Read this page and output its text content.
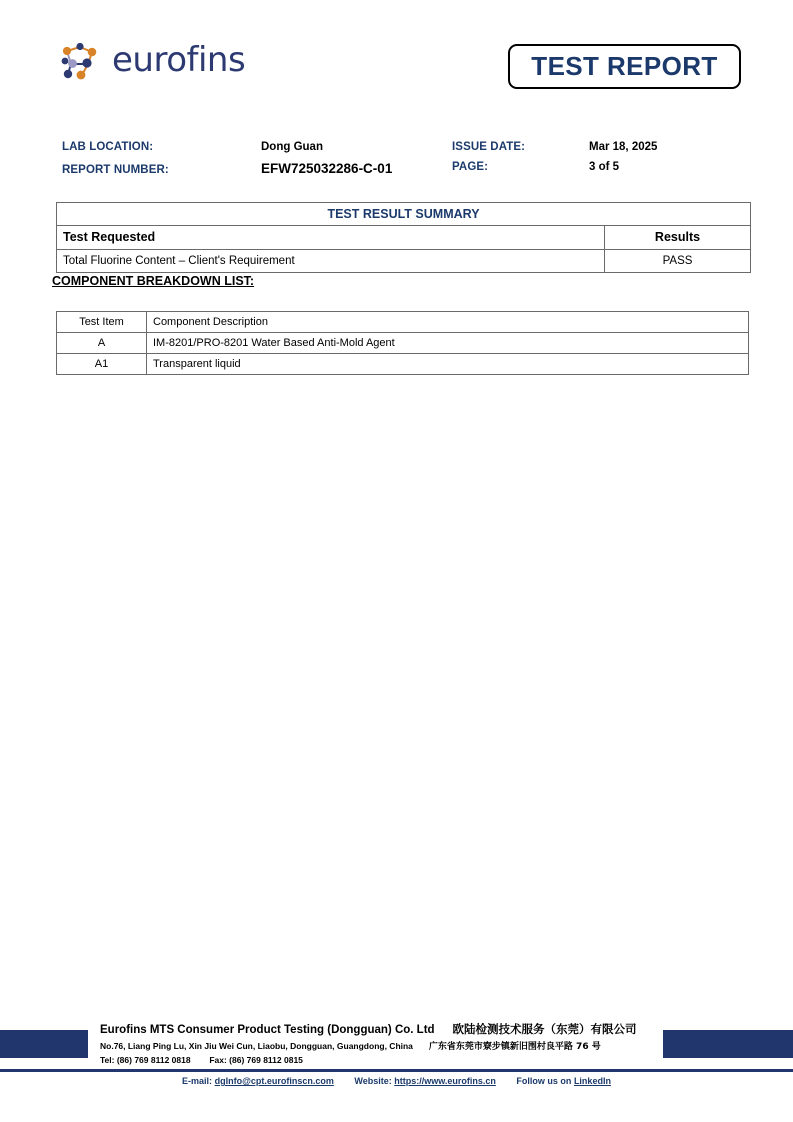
eurofins	TEST REPORT
LAB LOCATION:	Dong Guan
REPORT NUMBER:	EFW725032286-C-01
ISSUE DATE:	Mar 18, 2025
PAGE:	3 of 5
TEST RESULT SUMMARY	
Test Requested	Results
Total Fluorine Content – Client's Requirement	PASS
COMPONENT BREAKDOWN LIST:
Test Item	Component Description
A	IM-8201/PRO-8201 Water Based Anti-Mold Agent
A1	Transparent liquid
Eurofins MTS Consumer Product Testing (Dongguan) Co. Ltd 欧陆检测技术服务（东莞）有限公司
No.76, Liang Ping Lu, Xin Jiu Wei Cun, Liaobu, Dongguan, Guangdong, China 广东省东莞市寮步镇新旧围村良平路 76 号
Tel: (86) 769 8112 0818 Fax: (86) 769 8112 0815
E-mail: dgInfo@cpt.eurofinscn.com Website: https://www.eurofins.cn Follow us on LinkedIn
